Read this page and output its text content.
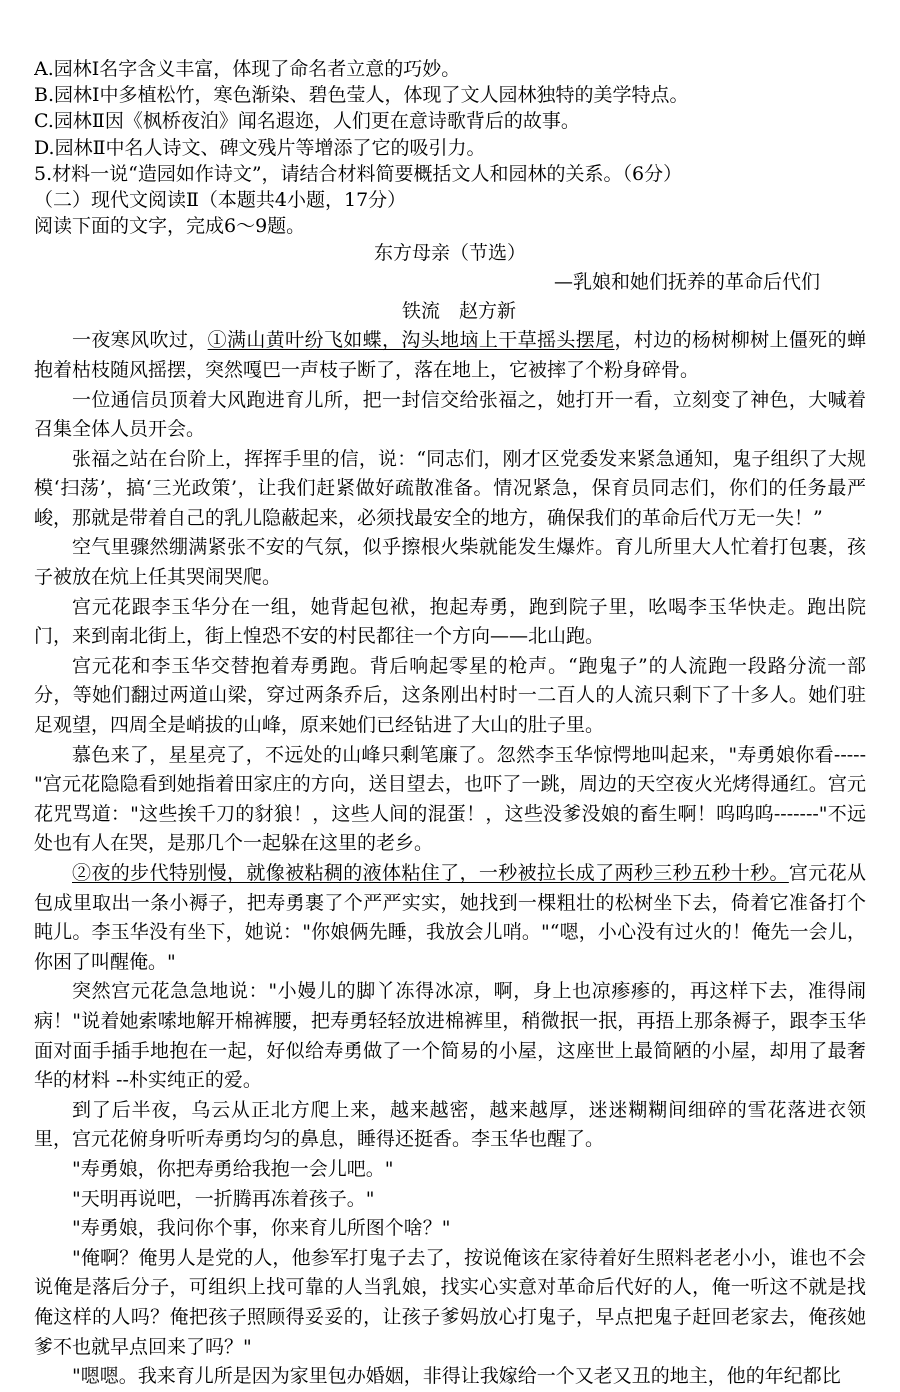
A.园林Ⅰ名字含义丰富，体现了命名者立意的巧妙。
B.园林Ⅰ中多植松竹，寒色渐染、碧色莹人，体现了文人园林独特的美学特点。
C.园林Ⅱ因《枫桥夜泊》闻名遐迩，人们更在意诗歌背后的故事。
D.园林Ⅱ中名人诗文、碑文残片等增添了它的吸引力。
5.材料一说“造园如作诗文”，请结合材料简要概括文人和园林的关系。（6分）
（二）现代文阅读Ⅱ（本题共4小题，17分）
阅读下面的文字，完成6～9题。
东方母亲（节选）
—乳娘和她们抚养的革命后代们
铁流　赵方新

一夜寒风吹过，①满山黄叶纷飞如蝶，沟头地垴上干草摇头摆尾，村边的杨树柳树上僵死的蝉抱着枯枝随风摇摆，突然嘎巴一声枝子断了，落在地上，它被摔了个粉身碎骨。

一位通信员顶着大风跑进育儿所，把一封信交给张福之，她打开一看，立刻变了神色，大喊着召集全体人员开会。

张福之站在台阶上，挥挥手里的信，说：“同志们，刚才区党委发来紧急通知，鬼子组织了大规模‘扫荡’，搞‘三光政策’，让我们赶紧做好疏散准备。情况紧急，保育员同志们，你们的任务最严峻，那就是带着自己的乳儿隐蔽起来，必须找最安全的地方，确保我们的革命后代万无一失！”

空气里骤然绷满紧张不安的气氛，似乎擦根火柴就能发生爆炸。育儿所里大人忙着打包裹，孩子被放在炕上任其哭闹哭爬。

宫元花跟李玉华分在一组，她背起包袱，抱起寿勇，跑到院子里，吆喝李玉华快走。跑出院门，来到南北街上，街上惶恐不安的村民都往一个方向——北山跑。

宫元花和李玉华交替抱着寿勇跑。背后响起零星的枪声。“跑鬼子”的人流跑一段路分流一部分，等她们翻过两道山梁，穿过两条乔后，这条刚出村时一二百人的人流只剩下了十多人。她们驻足观望，四周全是峭拔的山峰，原来她们已经钻进了大山的肚子里。

慕色来了，星星亮了，不远处的山峰只剩笔廉了。忽然李玉华惊愕地叫起来，"寿勇娘你看-----"宫元花隐隐看到她指着田家庄的方向，送目望去，也吓了一跳，周边的天空夜火光烤得通红。宫元花咒骂道："这些挨千刀的豺狼！，这些人间的混蛋！，这些没爹没娘的畜生啊！呜呜呜-------"不远处也有人在哭，是那几个一起躲在这里的老乡。

②夜的步代特别慢，就像被粘稠的液体粘住了，一秒被拉长成了两秒三秒五秒十秒。宫元花从包成里取出一条小褥子，把寿勇裹了个严严实实，她找到一棵粗壮的松树坐下去，倚着它准备打个盹儿。李玉华没有坐下，她说："你娘俩先睡，我放会儿哨。"“嗯，小心没有过火的！俺先一会儿，你困了叫醒俺。"

突然宫元花急急地说："小嫚儿的脚丫冻得冰凉，啊，身上也凉瘆瘆的，再这样下去，准得闹病！"说着她索嗦地解开棉裤腰，把寿勇轻轻放进棉裤里，稍微抿一抿，再捂上那条褥子，跟李玉华面对面手插手地抱在一起，好似给寿勇做了一个简易的小屋，这座世上最简陋的小屋，却用了最奢华的材料 --朴实纯正的爱。

到了后半夜，乌云从正北方爬上来，越来越密，越来越厚，迷迷糊糊间细碎的雪花落进衣领里，宫元花俯身听听寿勇均匀的鼻息，睡得还挺香。李玉华也醒了。

"寿勇娘，你把寿勇给我抱一会儿吧。"

"天明再说吧，一折腾再冻着孩子。"

"寿勇娘，我问你个事，你来育儿所图个啥？"

"俺啊？俺男人是党的人，他参军打鬼子去了，按说俺该在家待着好生照料老老小小，谁也不会说俺是落后分子，可组织上找可靠的人当乳娘，找实心实意对革命后代好的人，俺一听这不就是找俺这样的人吗？俺把孩子照顾得妥妥的，让孩子爹妈放心打鬼子，早点把鬼子赶回老家去，俺孩她爹不也就早点回来了吗？"

"嗯嗯。我来育儿所是因为家里包办婚姻，非得让我嫁给一个又老又丑的地主，他的年纪都比
